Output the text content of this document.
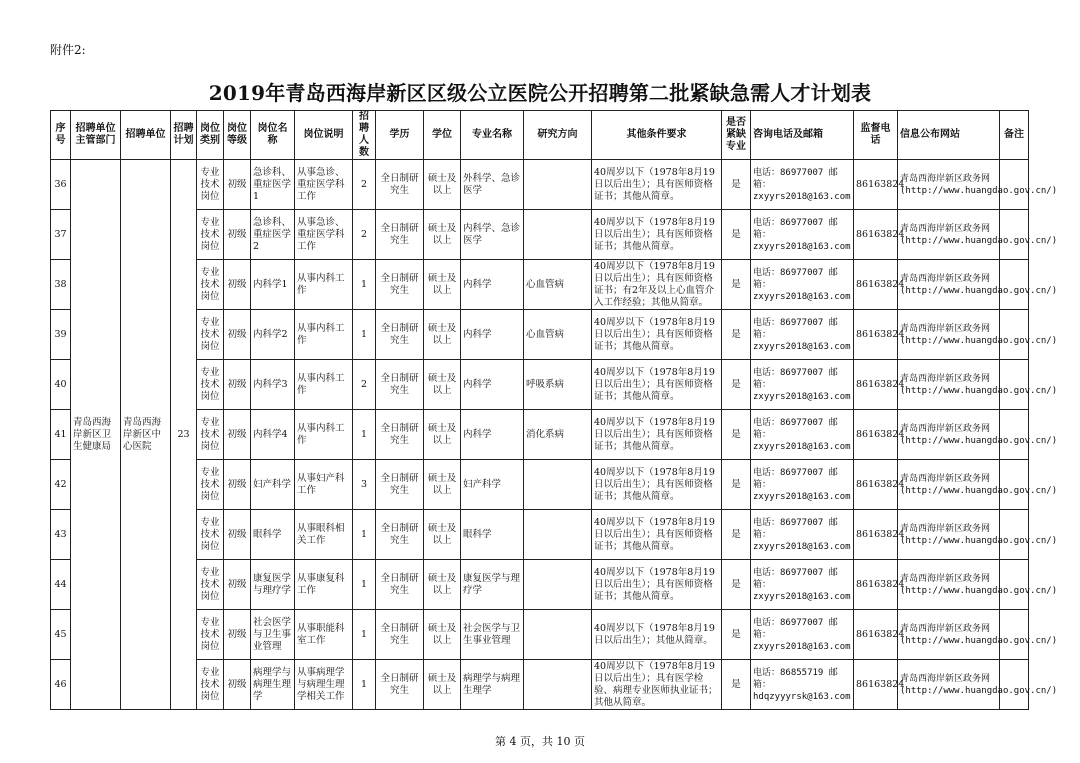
附件2:
2019年青岛西海岸新区区级公立医院公开招聘第二批紧缺急需人才计划表
序号	招聘单位主管部门	招聘单位	招聘计划	岗位类别	岗位等级	岗位名称	岗位说明	招聘人数	学历	学位	专业名称	研究方向	其他条件要求	是否紧缺专业	咨询电话及邮箱	监督电话	信息公布网站	备注
36	青岛西海岸新区卫生健康局	青岛西海岸新区中心医院	23	专业技术岗位	初级	急诊科、重症医学1	从事急诊、重症医学科工作	2	全日制研究生	硕士及以上	外科学、急诊医学		40周岁以下（1978年8月19日以后出生）；具有医师资格证书；其他从简章。	是	电话：86977007 邮箱：zxyyrs2018@163.com	86163824	青岛西海岸新区政务网(http://www.huangdao.gov.cn/)	
37				专业技术岗位	初级	急诊科、重症医学2	从事急诊、重症医学科工作	2	全日制研究生	硕士及以上	内科学、急诊医学		40周岁以下（1978年8月19日以后出生）；具有医师资格证书；其他从简章。	是	电话：86977007 邮箱：zxyyrs2018@163.com	86163824	青岛西海岸新区政务网(http://www.huangdao.gov.cn/)	
38				专业技术岗位	初级	内科学1	从事内科工作	1	全日制研究生	硕士及以上	内科学	心血管病	40周岁以下（1978年8月19日以后出生）；具有医师资格证书；有2年及以上心血管介入工作经验；其他从简章。	是	电话：86977007 邮箱：zxyyrs2018@163.com	86163824	青岛西海岸新区政务网(http://www.huangdao.gov.cn/)	
39				专业技术岗位	初级	内科学2	从事内科工作	1	全日制研究生	硕士及以上	内科学	心血管病	40周岁以下（1978年8月19日以后出生）；具有医师资格证书；其他从简章。	是	电话：86977007 邮箱：zxyyrs2018@163.com	86163824	青岛西海岸新区政务网(http://www.huangdao.gov.cn/)	
40				专业技术岗位	初级	内科学3	从事内科工作	2	全日制研究生	硕士及以上	内科学	呼吸系病	40周岁以下（1978年8月19日以后出生）；具有医师资格证书；其他从简章。	是	电话：86977007 邮箱：zxyyrs2018@163.com	86163824	青岛西海岸新区政务网(http://www.huangdao.gov.cn/)	
41				专业技术岗位	初级	内科学4	从事内科工作	1	全日制研究生	硕士及以上	内科学	消化系病	40周岁以下（1978年8月19日以后出生）；具有医师资格证书；其他从简章。	是	电话：86977007 邮箱：zxyyrs2018@163.com	86163824	青岛西海岸新区政务网(http://www.huangdao.gov.cn/)	
42				专业技术岗位	初级	妇产科学	从事妇产科工作	3	全日制研究生	硕士及以上	妇产科学		40周岁以下（1978年8月19日以后出生）；具有医师资格证书；其他从简章。	是	电话：86977007 邮箱：zxyyrs2018@163.com	86163824	青岛西海岸新区政务网(http://www.huangdao.gov.cn/)	
43				专业技术岗位	初级	眼科学	从事眼科相关工作	1	全日制研究生	硕士及以上	眼科学		40周岁以下（1978年8月19日以后出生）；具有医师资格证书；其他从简章。	是	电话：86977007 邮箱：zxyyrs2018@163.com	86163824	青岛西海岸新区政务网(http://www.huangdao.gov.cn/)	
44				专业技术岗位	初级	康复医学与理疗学	从事康复科工作	1	全日制研究生	硕士及以上	康复医学与理疗学		40周岁以下（1978年8月19日以后出生）；具有医师资格证书；其他从简章。	是	电话：86977007 邮箱：zxyyrs2018@163.com	86163824	青岛西海岸新区政务网(http://www.huangdao.gov.cn/)	
45				专业技术岗位	初级	社会医学与卫生事业管理	从事职能科室工作	1	全日制研究生	硕士及以上	社会医学与卫生事业管理		40周岁以下（1978年8月19日以后出生）；其他从简章。	是	电话：86977007 邮箱：zxyyrs2018@163.com	86163824	青岛西海岸新区政务网(http://www.huangdao.gov.cn/)	
46				专业技术岗位	初级	病理学与病理生理学	从事病理学与病理生理学相关工作	1	全日制研究生	硕士及以上	病理学与病理生理学		40周岁以下（1978年8月19日以后出生）；具有医学检验、病理专业医师执业证书；其他从简章。	是	电话：86855719 邮箱：hdqzyyyrsk@163.com	86163824	青岛西海岸新区政务网(http://www.huangdao.gov.cn/)	
第 4 页，共 10 页
